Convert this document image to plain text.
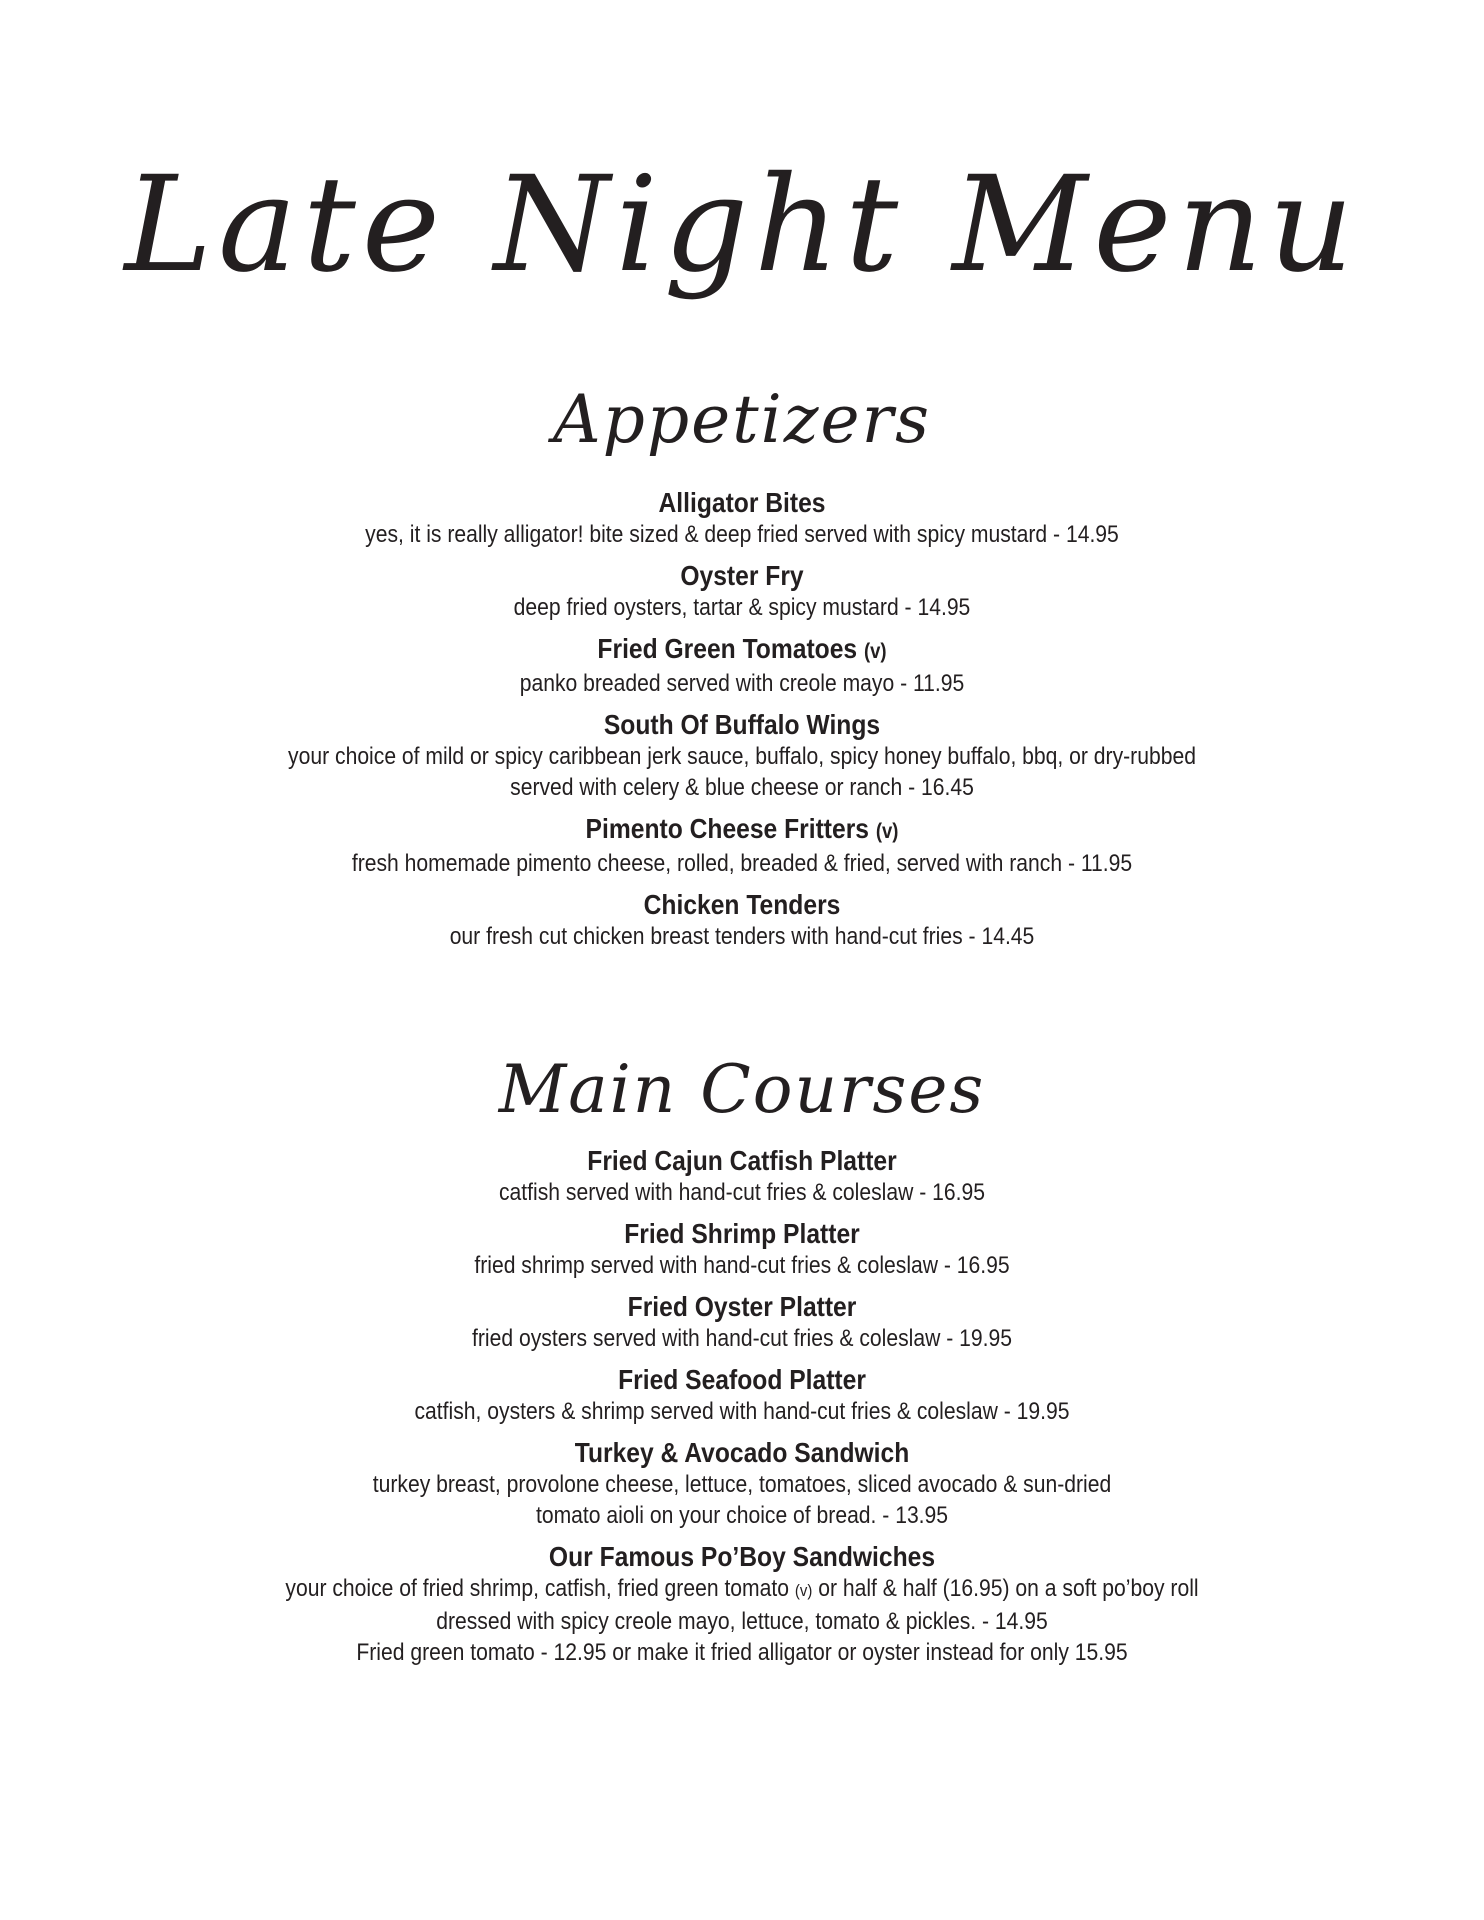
Late Night Menu
Appetizers
Alligator Bites
yes, it is really alligator! bite sized & deep fried served with spicy mustard - 14.95
Oyster Fry
deep fried oysters, tartar & spicy mustard - 14.95
Fried Green Tomatoes (v)
panko breaded served with creole mayo - 11.95
South Of Buffalo Wings
your choice of mild or spicy caribbean jerk sauce, buffalo, spicy honey buffalo, bbq, or dry-rubbed
served with celery & blue cheese or ranch - 16.45
Pimento Cheese Fritters (v)
fresh homemade pimento cheese, rolled, breaded & fried, served with ranch - 11.95
Chicken Tenders
our fresh cut chicken breast tenders with hand-cut fries - 14.45
Main Courses
Fried Cajun Catfish Platter
catfish served with hand-cut fries & coleslaw - 16.95
Fried Shrimp Platter
fried shrimp served with hand-cut fries & coleslaw - 16.95
Fried Oyster Platter
fried oysters served with hand-cut fries & coleslaw - 19.95
Fried Seafood Platter
catfish, oysters & shrimp served with hand-cut fries & coleslaw - 19.95
Turkey & Avocado Sandwich
turkey breast, provolone cheese, lettuce, tomatoes, sliced avocado & sun-dried
tomato aioli on your choice of bread. - 13.95
Our Famous Po’Boy Sandwiches
your choice of fried shrimp, catfish, fried green tomato (v) or half & half (16.95) on a soft po’boy roll
dressed with spicy creole mayo, lettuce, tomato & pickles. - 14.95
Fried green tomato - 12.95 or make it fried alligator or oyster instead for only 15.95
